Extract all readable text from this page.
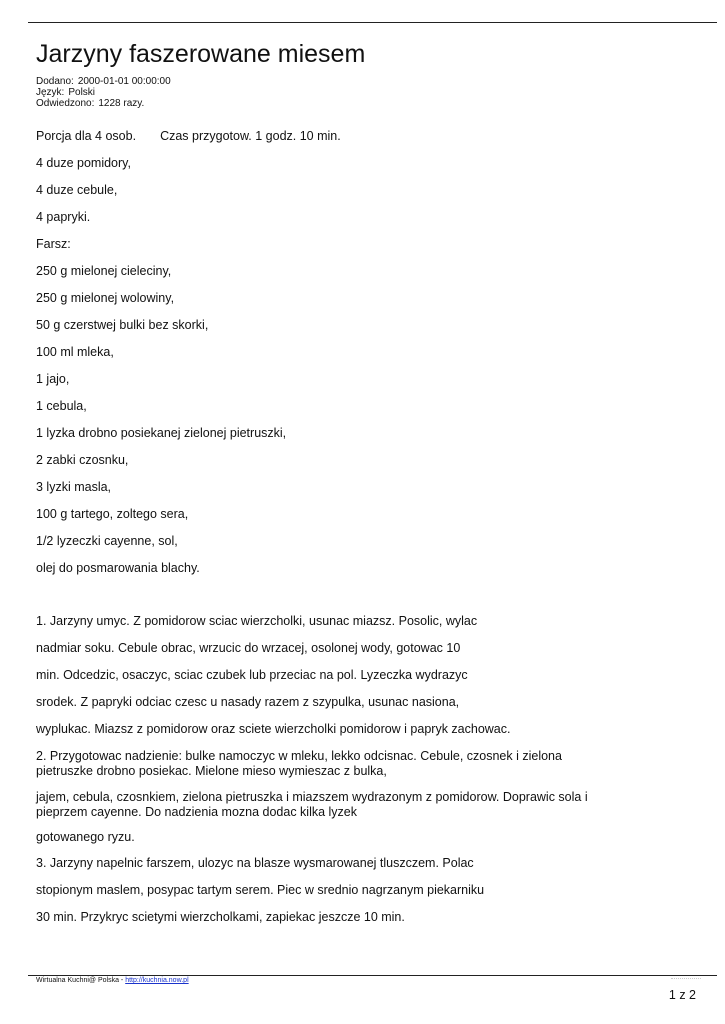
Jarzyny faszerowane miesem
Dodano: 2000-01-01 00:00:00
Język: Polski
Odwiedzono: 1228 razy.
Porcja dla 4 osob. Czas przygotow. 1 godz. 10 min.
4 duze pomidory,
4 duze cebule,
4 papryki.
Farsz:
250 g mielonej cieleciny,
250 g mielonej wolowiny,
50 g czerstwej bulki bez skorki,
100 ml mleka,
1 jajo,
1 cebula,
1 lyzka drobno posiekanej zielonej pietruszki,
2 zabki czosnku,
3 lyzki masla,
100 g tartego, zoltego sera,
1/2 lyzeczki cayenne, sol,
olej do posmarowania blachy.
1. Jarzyny umyc. Z pomidorow sciac wierzcholki, usunac miazsz. Posolic, wylac
nadmiar soku. Cebule obrac, wrzucic do wrzacej, osolonej wody, gotowac 10
min. Odcedzic, osaczyc, sciac czubek lub przeciac na pol. Lyzeczka wydrazyc
srodek. Z papryki odciac czesc u nasady razem z szypulka, usunac nasiona,
wyplukac. Miazsz z pomidorow oraz sciete wierzcholki pomidorow i papryk zachowac.
2. Przygotowac nadzienie: bulke namoczyc w mleku, lekko odcisnac. Cebule, czosnek i zielona pietruszke drobno posiekac. Mielone mieso wymieszac z bulka,
jajem, cebula, czosnkiem, zielona pietruszka i miazszem wydrazonym z pomidorow. Doprawic sola i pieprzem cayenne. Do nadzienia mozna dodac kilka lyzek
gotowanego ryzu.
3. Jarzyny napelnic farszem, ulozyc na blasze wysmarowanej tluszczem. Polac
stopionym maslem, posypac tartym serem. Piec w srednio nagrzanym piekarniku
30 min. Przykryc scietymi wierzcholkami, zapiekac jeszcze 10 min.
Wirtualna Kuchni@ Polska - http://kuchnia.now.pl
1 z 2
